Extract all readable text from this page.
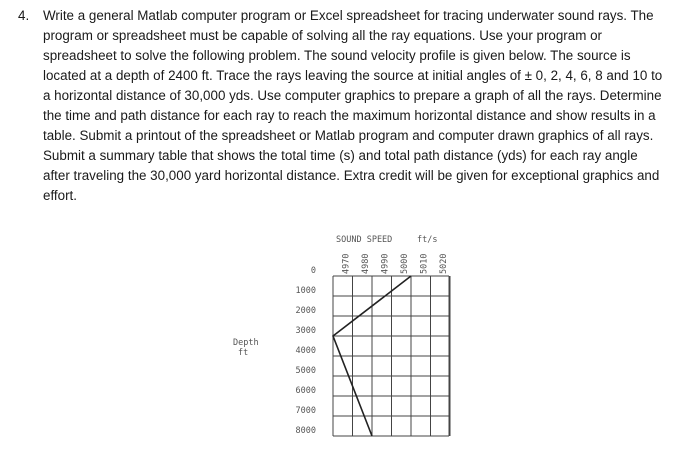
4. Write a general Matlab computer program or Excel spreadsheet for tracing underwater sound rays. The program or spreadsheet must be capable of solving all the ray equations. Use your program or spreadsheet to solve the following problem. The sound velocity profile is given below. The source is located at a depth of 2400 ft. Trace the rays leaving the source at initial angles of ± 0, 2, 4, 6, 8 and 10 to a horizontal distance of 30,000 yds. Use computer graphics to prepare a graph of all the rays. Determine the time and path distance for each ray to reach the maximum horizontal distance and show results in a table. Submit a printout of the spreadsheet or Matlab program and computer drawn graphics of all rays. Submit a summary table that shows the total time (s) and total path distance (yds) for each ray angle after traveling the 30,000 yard horizontal distance. Extra credit will be given for exceptional graphics and effort.
SOUND SPEED	ft/s
Depth
ft
4970 4980 4990 5000 5010 5020
0
1000
2000
3000
4000
5000
6000
7000
8000
